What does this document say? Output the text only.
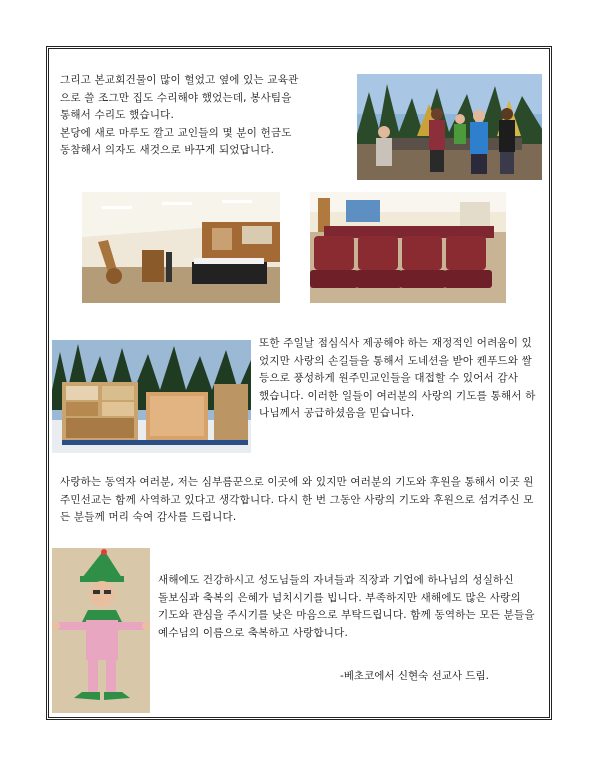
그리고 본교회건물이 많이 헐었고 옆에 있는 교육관
으로 쓸 조그만 집도 수리해야 했었는데, 봉사팀을
통해서 수리도 했습니다.
본당에 새로 마루도 깔고 교인들의 몇 분이 헌금도
동참해서 의자도 새것으로 바꾸게 되었답니다.
또한 주일날 점심식사 제공해야 하는 재정적인 어려움이 있
었지만 사랑의 손길들을 통해서 도네션을 받아 켄푸드와 쌀
등으로 풍성하게 원주민교인들을 대접할 수 있어서 감사
했습니다. 이러한 일들이 여러분의 사랑의 기도를 통해서 하
나님께서 공급하셨음을 믿습니다.
사랑하는 동역자 여러분, 저는 심부름꾼으로 이곳에 와 있지만 여러분의 기도와 후원을 통해서 이곳 원
주민선교는 함께 사역하고 있다고 생각합니다. 다시 한 번 그동안 사랑의 기도와 후원으로 섬겨주신 모
든 분들께 머리 숙여 감사를 드립니다.
새해에도 건강하시고 성도님들의 자녀들과 직장과 기업에 하나님의 성실하신
돌보심과 축복의 은혜가 넘치시기를 빕니다. 부족하지만 새해에도 많은 사랑의
기도와 관심을 주시기를 낮은 마음으로 부탁드립니다. 함께 동역하는 모든 분들을
예수님의 이름으로 축복하고 사랑합니다.
-베초코에서 신현숙 선교사 드림.
